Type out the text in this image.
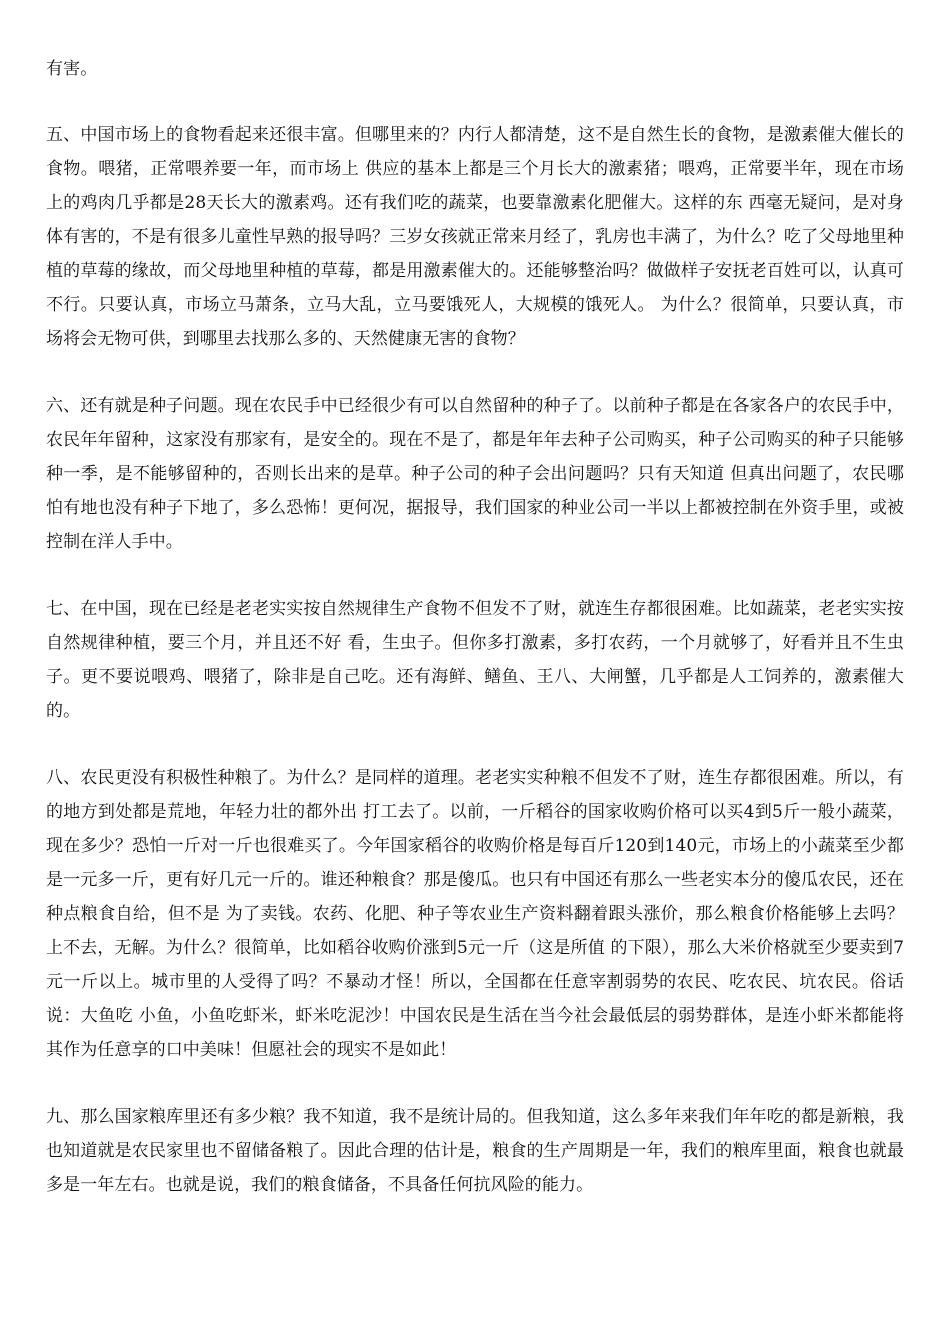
有害。

五、中国市场上的食物看起来还很丰富。但哪里来的？内行人都清楚，这不是自然生长的食物，是激素催大催长的食物。喂猪，正常喂养要一年，而市场上 供应的基本上都是三个月长大的激素猪；喂鸡，正常要半年，现在市场上的鸡肉几乎都是28天长大的激素鸡。还有我们吃的蔬菜，也要靠激素化肥催大。这样的东 西毫无疑问，是对身体有害的，不是有很多儿童性早熟的报导吗？三岁女孩就正常来月经了，乳房也丰满了，为什么？吃了父母地里种植的草莓的缘故，而父母地里种植的草莓，都是用激素催大的。还能够整治吗？做做样子安抚老百姓可以，认真可不行。只要认真，市场立马萧条，立马大乱，立马要饿死人，大规模的饿死人。 为什么？很简单，只要认真，市场将会无物可供，到哪里去找那么多的、天然健康无害的食物？

六、还有就是种子问题。现在农民手中已经很少有可以自然留种的种子了。以前种子都是在各家各户的农民手中，农民年年留种，这家没有那家有，是安全的。现在不是了，都是年年去种子公司购买，种子公司购买的种子只能够种一季，是不能够留种的，否则长出来的是草。种子公司的种子会出问题吗？只有天知道 但真出问题了，农民哪怕有地也没有种子下地了，多么恐怖！更何况，据报导，我们国家的种业公司一半以上都被控制在外资手里，或被控制在洋人手中。

七、在中国，现在已经是老老实实按自然规律生产食物不但发不了财，就连生存都很困难。比如蔬菜，老老实实按自然规律种植，要三个月，并且还不好 看，生虫子。但你多打激素，多打农药，一个月就够了，好看并且不生虫子。更不要说喂鸡、喂猪了，除非是自己吃。还有海鲜、鳝鱼、王八、大闸蟹，几乎都是人工饲养的，激素催大的。

八、农民更没有积极性种粮了。为什么？是同样的道理。老老实实种粮不但发不了财，连生存都很困难。所以，有的地方到处都是荒地，年轻力壮的都外出 打工去了。以前，一斤稻谷的国家收购价格可以买4到5斤一般小蔬菜，现在多少？恐怕一斤对一斤也很难买了。今年国家稻谷的收购价格是每百斤120到140元，市场上的小蔬菜至少都是一元多一斤，更有好几元一斤的。谁还种粮食？那是傻瓜。也只有中国还有那么一些老实本分的傻瓜农民，还在种点粮食自给，但不是 为了卖钱。农药、化肥、种子等农业生产资料翻着跟头涨价，那么粮食价格能够上去吗？上不去，无解。为什么？很简单，比如稻谷收购价涨到5元一斤（这是所值 的下限），那么大米价格就至少要卖到7元一斤以上。城市里的人受得了吗？不暴动才怪！所以，全国都在任意宰割弱势的农民、吃农民、坑农民。俗话说：大鱼吃 小鱼，小鱼吃虾米，虾米吃泥沙！中国农民是生活在当今社会最低层的弱势群体，是连小虾米都能将其作为任意享的口中美味！但愿社会的现实不是如此！

九、那么国家粮库里还有多少粮？我不知道，我不是统计局的。但我知道，这么多年来我们年年吃的都是新粮，我也知道就是农民家里也不留储备粮了。因此合理的估计是，粮食的生产周期是一年，我们的粮库里面，粮食也就最多是一年左右。也就是说，我们的粮食储备，不具备任何抗风险的能力。
